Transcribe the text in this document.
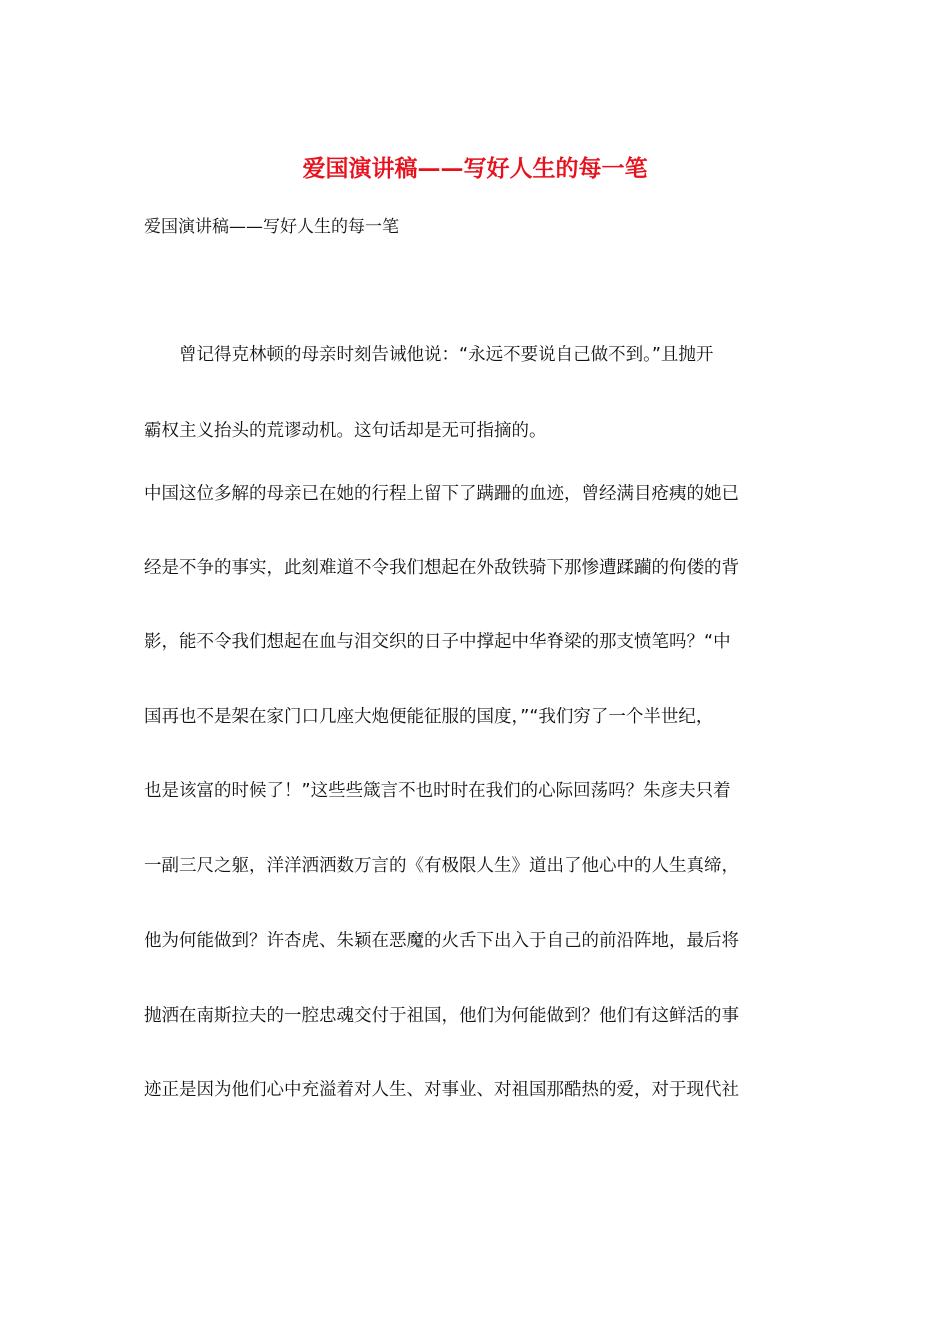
爱国演讲稿——写好人生的每一笔
爱国演讲稿——写好人生的每一笔
　　曾记得克林顿的母亲时刻告诫他说：“永远不要说自己做不到。”且抛开
霸权主义抬头的荒谬动机。这句话却是无可指摘的。
中国这位多解的母亲已在她的行程上留下了蹒跚的血迹，曾经满目疮痍的她已
经是不争的事实，此刻难道不令我们想起在外敌铁骑下那惨遭蹂躏的佝偻的背
影，能不令我们想起在血与泪交织的日子中撑起中华脊梁的那支愤笔吗？“中
国再也不是架在家门口几座大炮便能征服的国度，”“我们穷了一个半世纪，
也是该富的时候了！”这些些箴言不也时时在我们的心际回荡吗？朱彦夫只着
一副三尺之躯，洋洋洒洒数万言的《有极限人生》道出了他心中的人生真缔，
他为何能做到？许杏虎、朱颖在恶魔的火舌下出入于自己的前沿阵地，最后将
抛洒在南斯拉夫的一腔忠魂交付于祖国，他们为何能做到？他们有这鲜活的事
迹正是因为他们心中充溢着对人生、对事业、对祖国那酷热的爱，对于现代社
